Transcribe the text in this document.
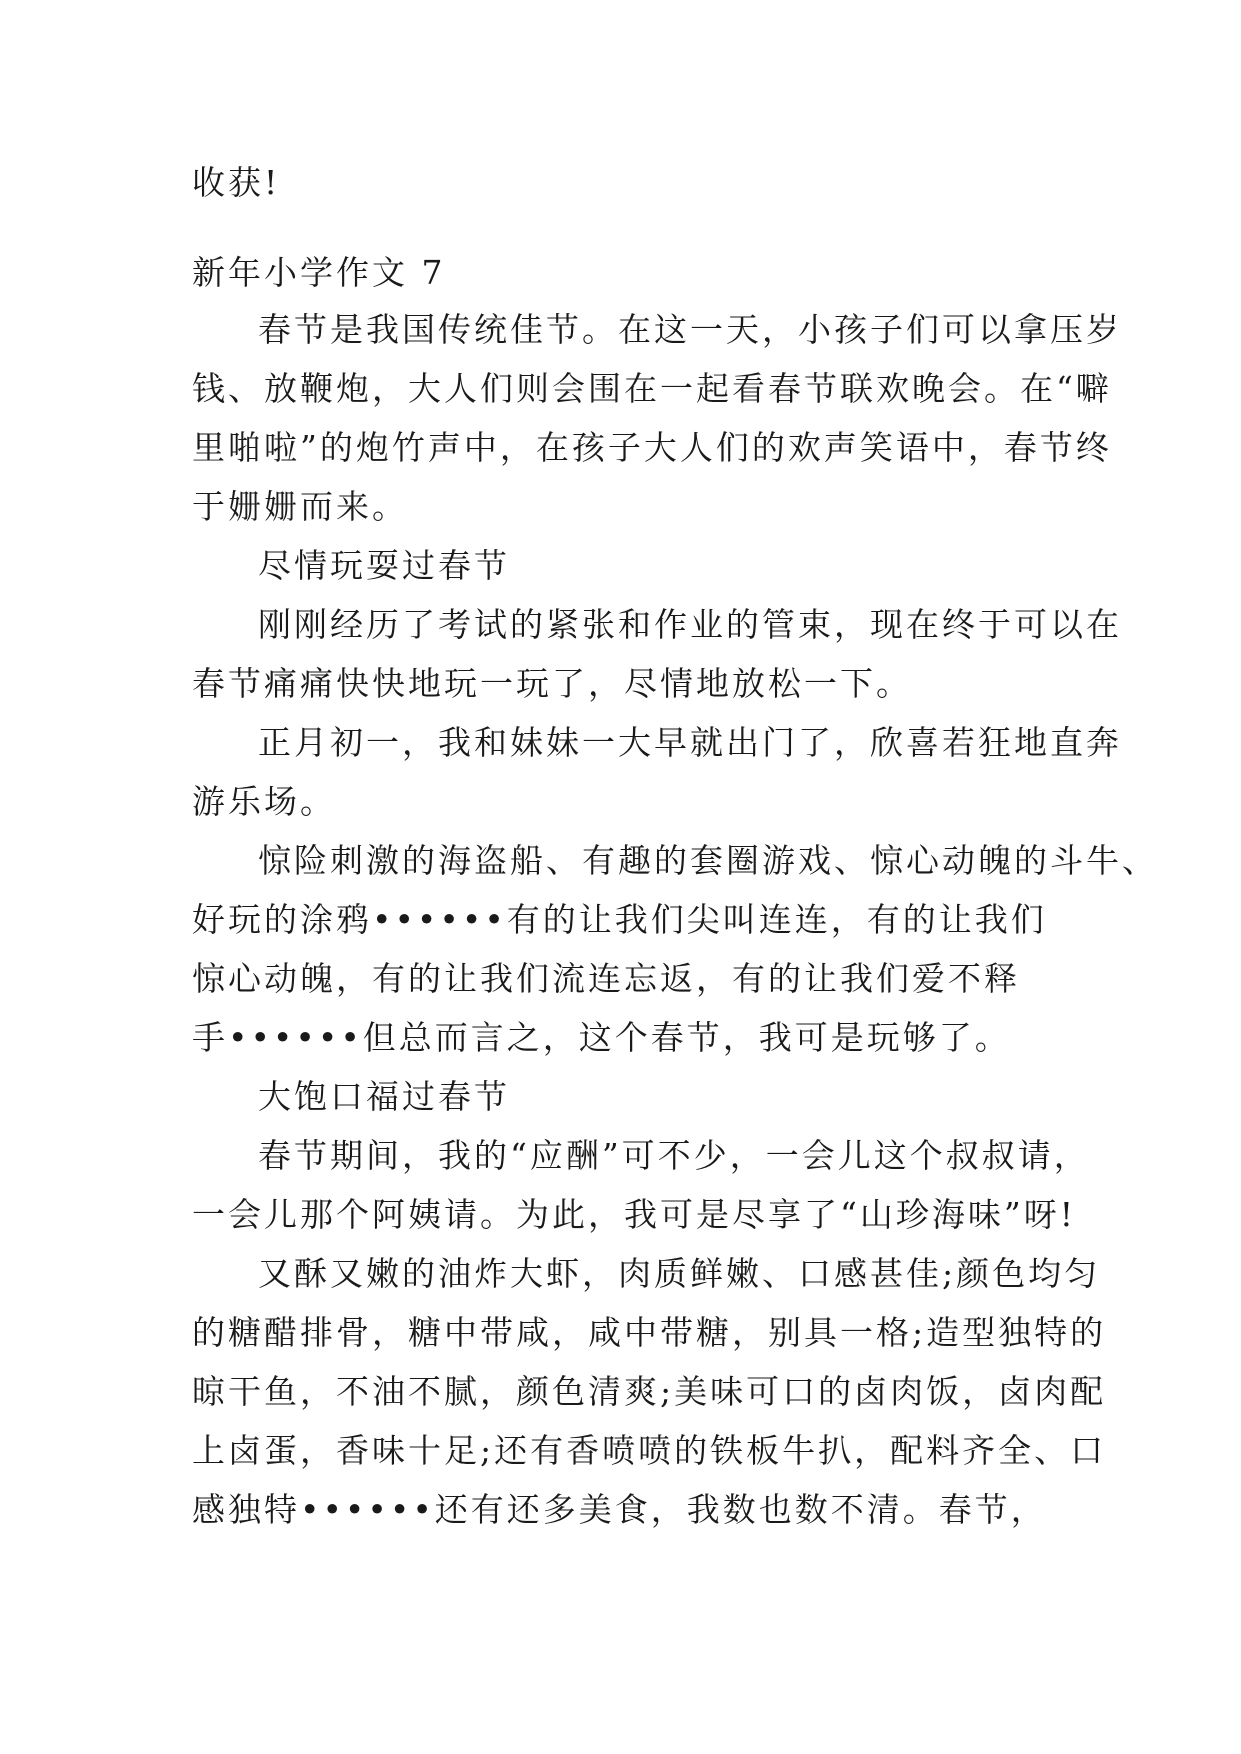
收获!
新年小学作文 7
春节是我国传统佳节。在这一天，小孩子们可以拿压岁
钱、放鞭炮，大人们则会围在一起看春节联欢晚会。在“噼
里啪啦”的炮竹声中，在孩子大人们的欢声笑语中，春节终
于姗姗而来。
尽情玩耍过春节
刚刚经历了考试的紧张和作业的管束，现在终于可以在
春节痛痛快快地玩一玩了，尽情地放松一下。
正月初一，我和妹妹一大早就出门了，欣喜若狂地直奔
游乐场。
惊险刺激的海盗船、有趣的套圈游戏、惊心动魄的斗牛、
好玩的涂鸦••••••有的让我们尖叫连连，有的让我们
惊心动魄，有的让我们流连忘返，有的让我们爱不释
手••••••但总而言之，这个春节，我可是玩够了。
大饱口福过春节
春节期间，我的“应酬”可不少，一会儿这个叔叔请，
一会儿那个阿姨请。为此，我可是尽享了“山珍海味”呀!
又酥又嫩的油炸大虾，肉质鲜嫩、口感甚佳;颜色均匀
的糖醋排骨，糖中带咸，咸中带糖，别具一格;造型独特的
晾干鱼，不油不腻，颜色清爽;美味可口的卤肉饭，卤肉配
上卤蛋，香味十足;还有香喷喷的铁板牛扒，配料齐全、口
感独特••••••还有还多美食，我数也数不清。春节，
